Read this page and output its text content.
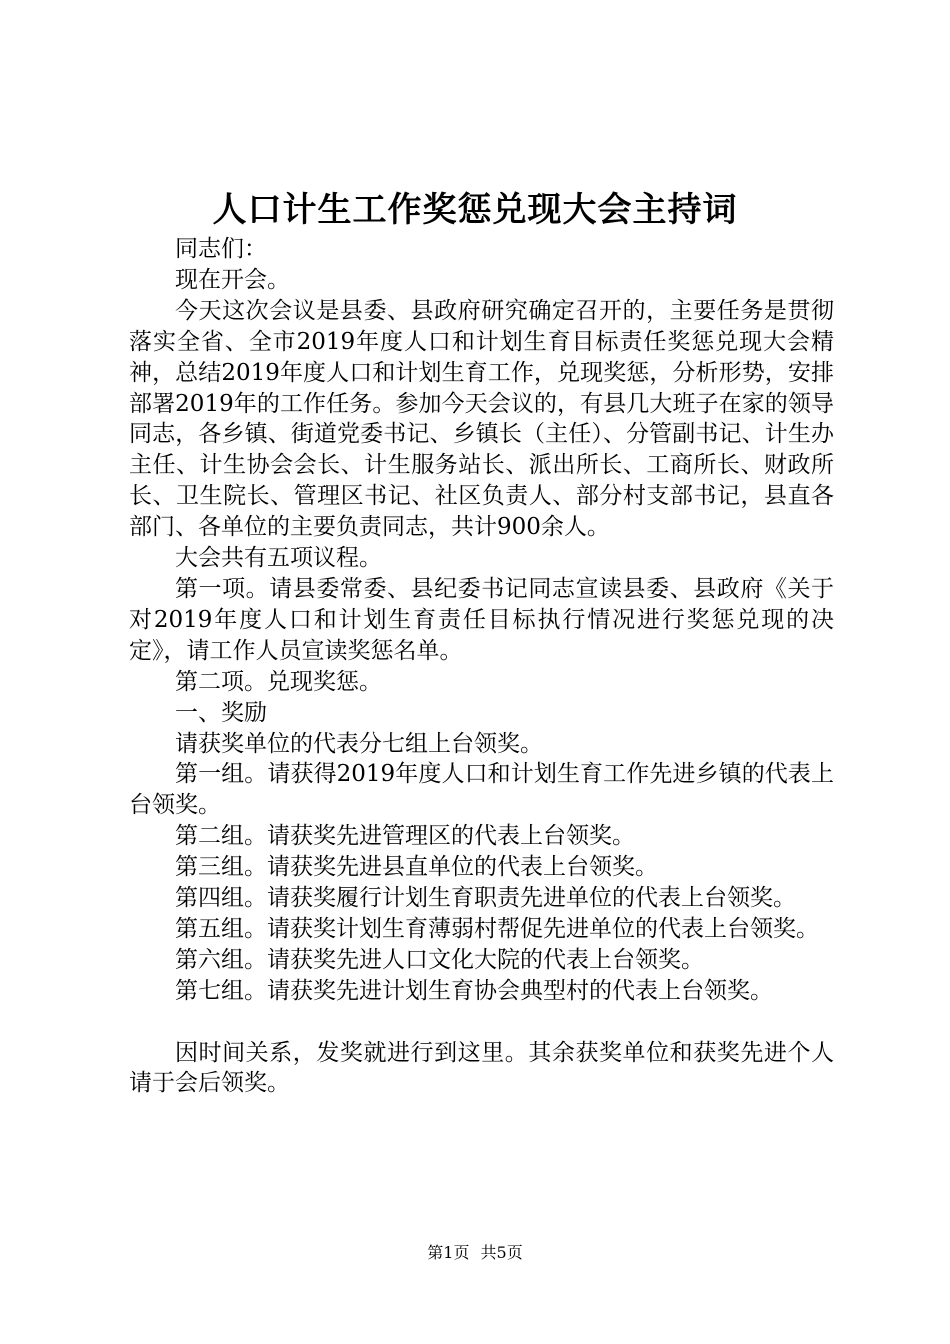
人口计生工作奖惩兑现大会主持词

同志们：

现在开会。

今天这次会议是县委、县政府研究确定召开的，主要任务是贯彻落实全省、全市2019年度人口和计划生育目标责任奖惩兑现大会精神，总结2019年度人口和计划生育工作，兑现奖惩，分析形势，安排部署2019年的工作任务。参加今天会议的，有县几大班子在家的领导同志，各乡镇、街道党委书记、乡镇长（主任）、分管副书记、计生办主任、计生协会会长、计生服务站长、派出所长、工商所长、财政所长、卫生院长、管理区书记、社区负责人、部分村支部书记，县直各部门、各单位的主要负责同志，共计900余人。

大会共有五项议程。

第一项。请县委常委、县纪委书记同志宣读县委、县政府《关于对2019年度人口和计划生育责任目标执行情况进行奖惩兑现的决定》，请工作人员宣读奖惩名单。

第二项。兑现奖惩。

一、奖励

请获奖单位的代表分七组上台领奖。

第一组。请获得2019年度人口和计划生育工作先进乡镇的代表上台领奖。

第二组。请获奖先进管理区的代表上台领奖。

第三组。请获奖先进县直单位的代表上台领奖。

第四组。请获奖履行计划生育职责先进单位的代表上台领奖。

第五组。请获奖计划生育薄弱村帮促先进单位的代表上台领奖。

第六组。请获奖先进人口文化大院的代表上台领奖。

第七组。请获奖先进计划生育协会典型村的代表上台领奖。

因时间关系，发奖就进行到这里。其余获奖单位和获奖先进个人请于会后领奖。

第1页 共5页
